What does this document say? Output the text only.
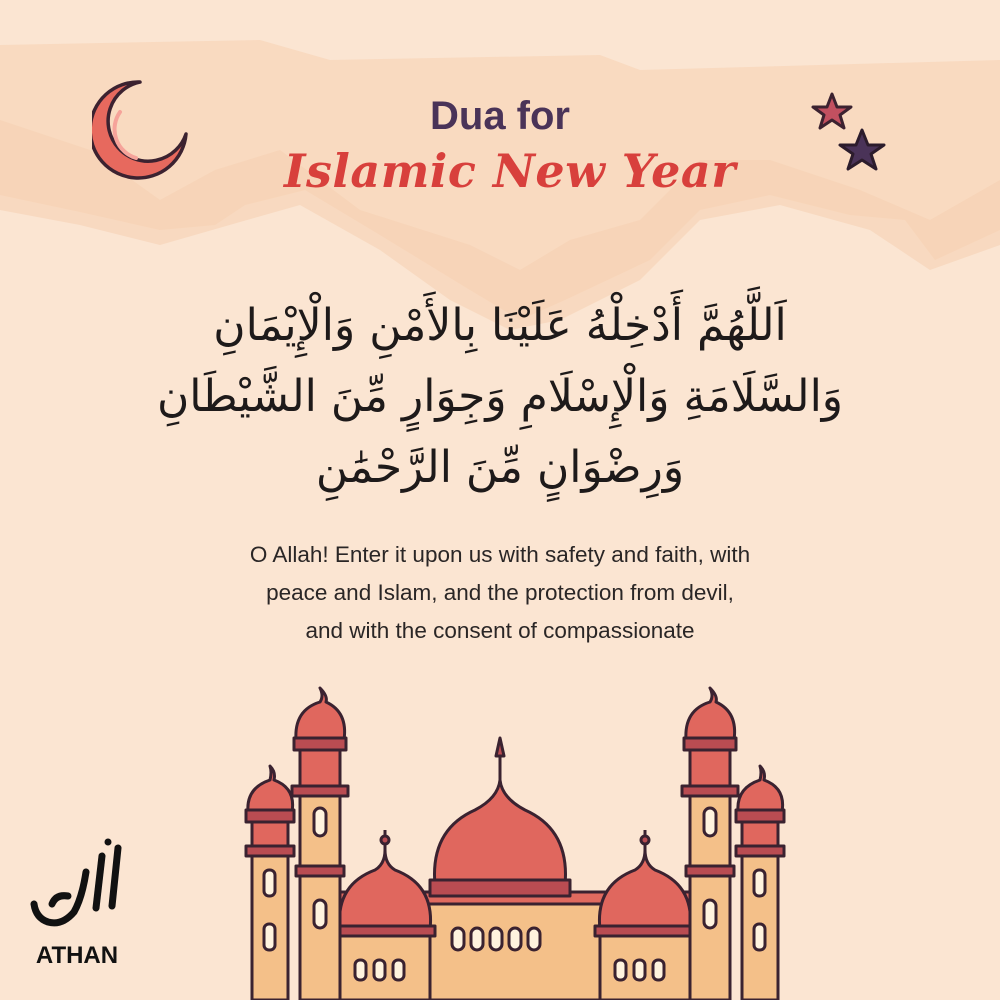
Dua for
Islamic New Year
اَللَّهُمَّ أَدْخِلْهُ عَلَيْنَا بِالأَمْنِ وَالْإِيْمَانِ
وَالسَّلَامَةِ وَالْإِسْلَامِ وَجِوَارٍ مِّنَ الشَّيْطَانِ
وَرِضْوَانٍ مِّنَ الرَّحْمَٰنِ
O Allah! Enter it upon us with safety and faith, with
peace and Islam, and the protection from devil,
and with the consent of compassionate
ATHAN
